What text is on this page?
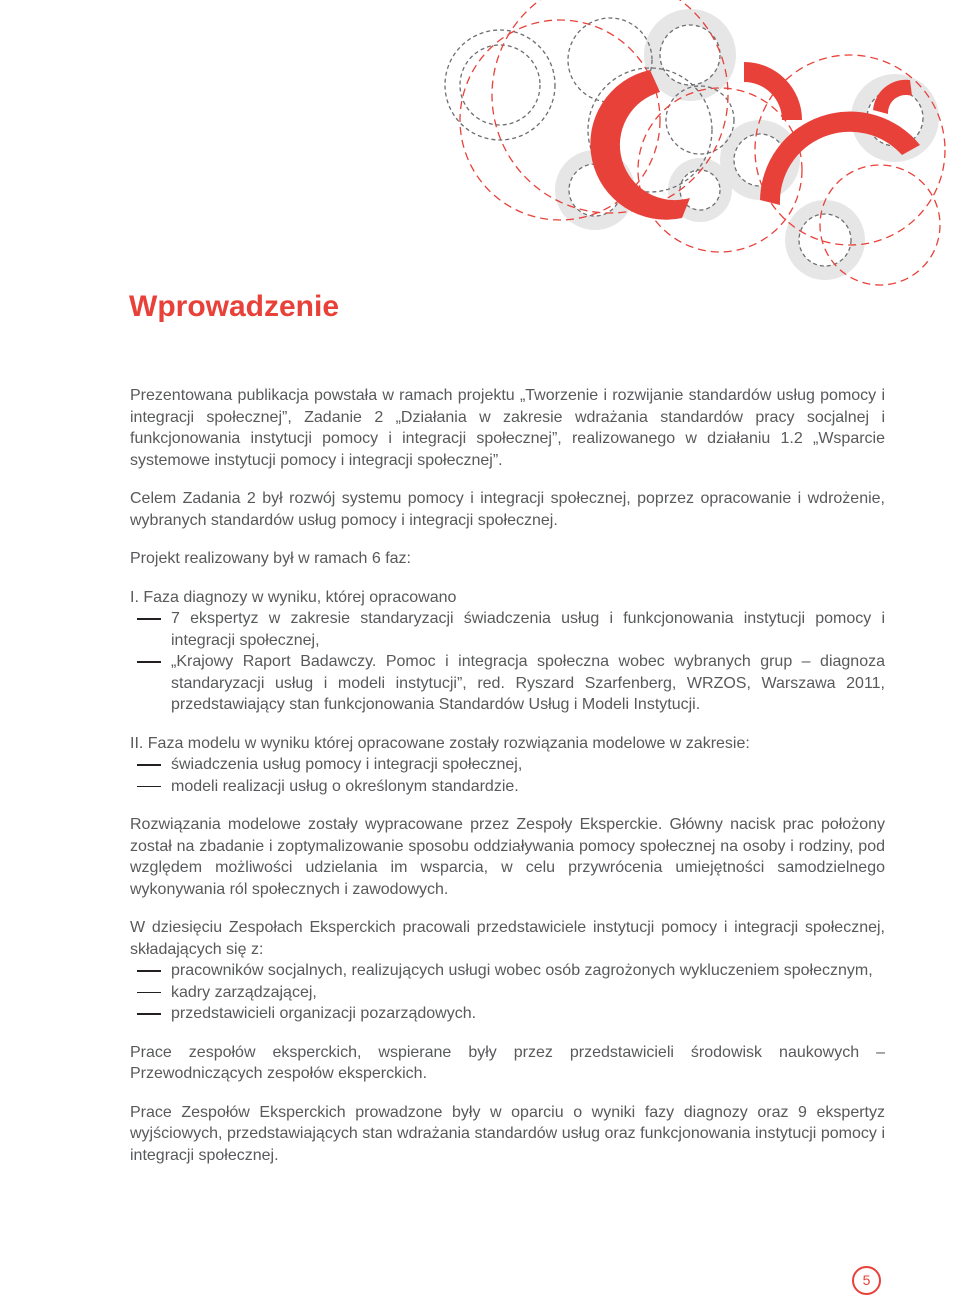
Wprowadzenie

Prezentowana publikacja powstała w ramach projektu „Tworzenie i rozwijanie standardów usług pomocy i integracji społecznej”, Zadanie 2 „Działania w zakresie wdrażania standardów pracy socjalnej i funkcjonowania instytucji pomocy i integracji społecznej”, realizowanego w działaniu 1.2 „Wsparcie systemowe instytucji pomocy i integracji społecznej”.

Celem Zadania 2 był rozwój systemu pomocy i integracji społecznej, poprzez opracowanie i wdrożenie, wybranych standardów usług pomocy i integracji społecznej.

Projekt realizowany był w ramach 6 faz:

I. Faza diagnozy w wyniku, której opracowano

7 ekspertyz w zakresie standaryzacji świadczenia usług i funkcjonowania instytucji pomocy i integracji społecznej,
„Krajowy Raport Badawczy. Pomoc i integracja społeczna wobec wybranych grup – diagnoza standaryzacji usług i modeli instytucji”, red. Ryszard Szarfenberg, WRZOS, Warszawa 2011, przedstawiający stan funkcjonowania Standardów Usług i Modeli Instytucji.

II. Faza modelu w wyniku której opracowane zostały rozwiązania modelowe w zakresie:

świadczenia usług pomocy i integracji społecznej,
modeli realizacji usług o określonym standardzie.

Rozwiązania modelowe zostały wypracowane przez Zespoły Eksperckie. Główny nacisk prac położony został na zbadanie i zoptymalizowanie sposobu oddziaływania pomocy społecznej na osoby i rodziny, pod względem możliwości udzielania im wsparcia, w celu przywrócenia umiejętności samodzielnego wykonywania ról społecznych i zawodowych.

W dziesięciu Zespołach Eksperckich pracowali przedstawiciele instytucji pomocy i integracji społecznej, składających się z:

pracowników socjalnych, realizujących usługi wobec osób zagrożonych wykluczeniem społecznym,
kadry zarządzającej,
przedstawicieli organizacji pozarządowych.

Prace zespołów eksperckich, wspierane były przez przedstawicieli środowisk naukowych – Przewodniczących zespołów eksperckich.

Prace Zespołów Eksperckich prowadzone były w oparciu o wyniki fazy diagnozy oraz 9 ekspertyz wyjściowych, przedstawiających stan wdrażania standardów usług oraz funkcjonowania instytucji pomocy i integracji społecznej.

5
